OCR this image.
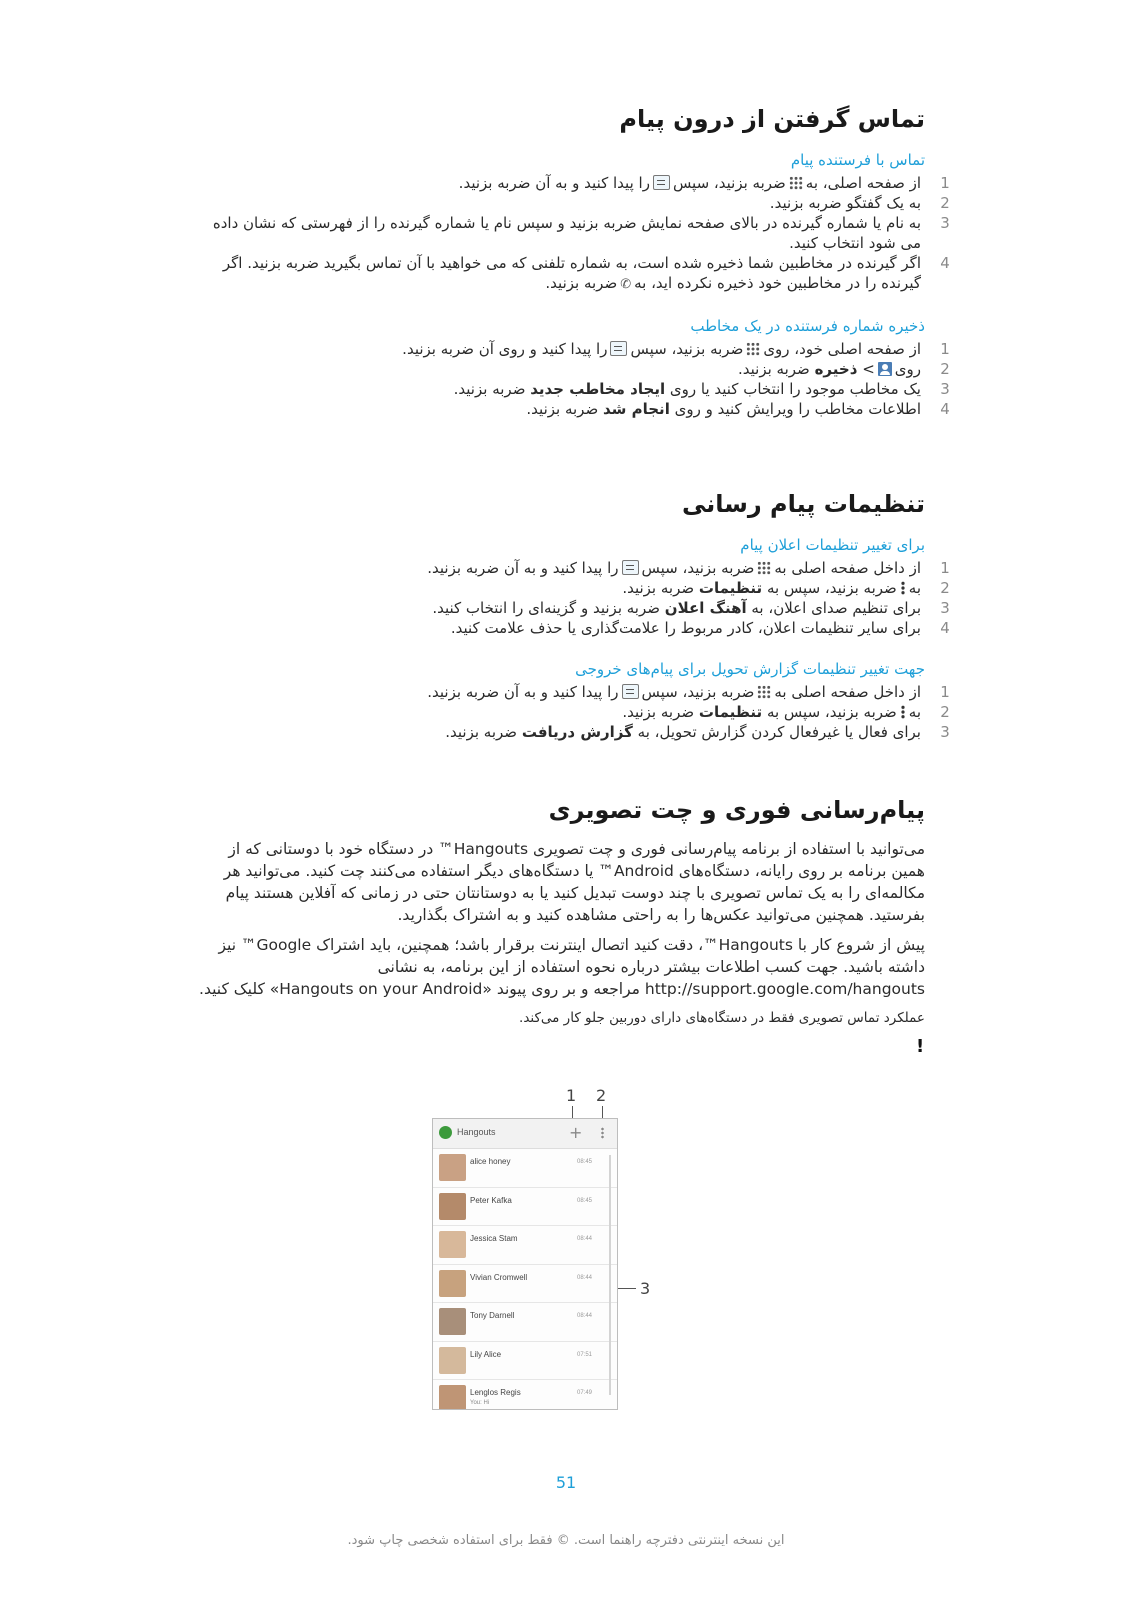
تماس گرفتن از درون پیام

تماس با فرستنده پیام

1
از صفحه اصلی، بهضربه بزنید، سپسرا پیدا کنید و به آن ضربه بزنید.
2
به یک گفتگو ضربه بزنید.
3
به نام یا شماره گیرنده در بالای صفحه نمایش ضربه بزنید و سپس نام یا شماره گیرنده را از فهرستی که نشان داده می شود انتخاب کنید.
4
اگر گیرنده در مخاطبین شما ذخیره شده است، به شماره تلفنی که می خواهید با آن تماس بگیرید ضربه بزنید. اگر گیرنده را در مخاطبین خود ذخیره نکرده اید، به✆ضربه بزنید.

ذخیره شماره فرستنده در یک مخاطب

1
از صفحه اصلی خود، رویضربه بزنید، سپسرا پیدا کنید و روی آن ضربه بزنید.
2
روی> ذخیره ضربه بزنید.
3
یک مخاطب موجود را انتخاب کنید یا روی ایجاد مخاطب جدید ضربه بزنید.
4
اطلاعات مخاطب را ویرایش کنید و روی انجام شد ضربه بزنید.
تنظیمات پیام رسانی

برای تغییر تنظیمات اعلان پیام

1
از داخل صفحه اصلی بهضربه بزنید، سپسرا پیدا کنید و به آن ضربه بزنید.
2
بهضربه بزنید، سپس به تنظیمات ضربه بزنید.
3
برای تنظیم صدای اعلان، به آهنگ اعلان ضربه بزنید و گزینه‌ای را انتخاب کنید.
4
برای سایر تنظیمات اعلان، کادر مربوط را علامت‌گذاری یا حذف علامت کنید.

جهت تغییر تنظیمات گزارش تحویل برای پیام‌های خروجی

1
از داخل صفحه اصلی بهضربه بزنید، سپسرا پیدا کنید و به آن ضربه بزنید.
2
بهضربه بزنید، سپس به تنظیمات ضربه بزنید.
3
برای فعال یا غیرفعال کردن گزارش تحویل، به گزارش دریافت ضربه بزنید.
پیام‌رسانی فوری و چت تصویری

می‌توانید با استفاده از برنامه پیام‌رسانی فوری و چت تصویری Hangouts™ در دستگاه خود با دوستانی که از همین برنامه بر روی رایانه، دستگاه‌های Android™ یا دستگاه‌های دیگر استفاده می‌کنند چت کنید. می‌توانید هر مکالمه‌ای را به یک تماس تصویری با چند دوست تبدیل کنید یا به دوستانتان حتی در زمانی که آفلاین هستند پیام بفرستید. همچنین می‌توانید عکس‌ها را به راحتی مشاهده کنید و به اشتراک بگذارید.

پیش از شروع کار با Hangouts™، دقت کنید اتصال اینترنت برقرار باشد؛ همچنین، باید اشتراک Google™ نیز داشته باشید. جهت کسب اطلاعات بیشتر درباره نحوه استفاده از این برنامه، به نشانی http://support.google.com/hangouts مراجعه و بر روی پیوند «Hangouts on your Android» کلیک کنید.

عملکرد تماس تصویری فقط در دستگاه‌های دارای دوربین جلو کار می‌کند.

!
1 2
3
Hangouts	+
alice honey	08:45
Peter Kafka	08:45
Jessica Stam	08:44
Vivian Cromwell	08:44
Tony Darnell	08:44
Lily Alice	07:51
Lenglos Regis	07:49
You: Hi
51
این نسخه اینترنتی دفترچه راهنما است. © فقط برای استفاده شخصی چاپ شود.
